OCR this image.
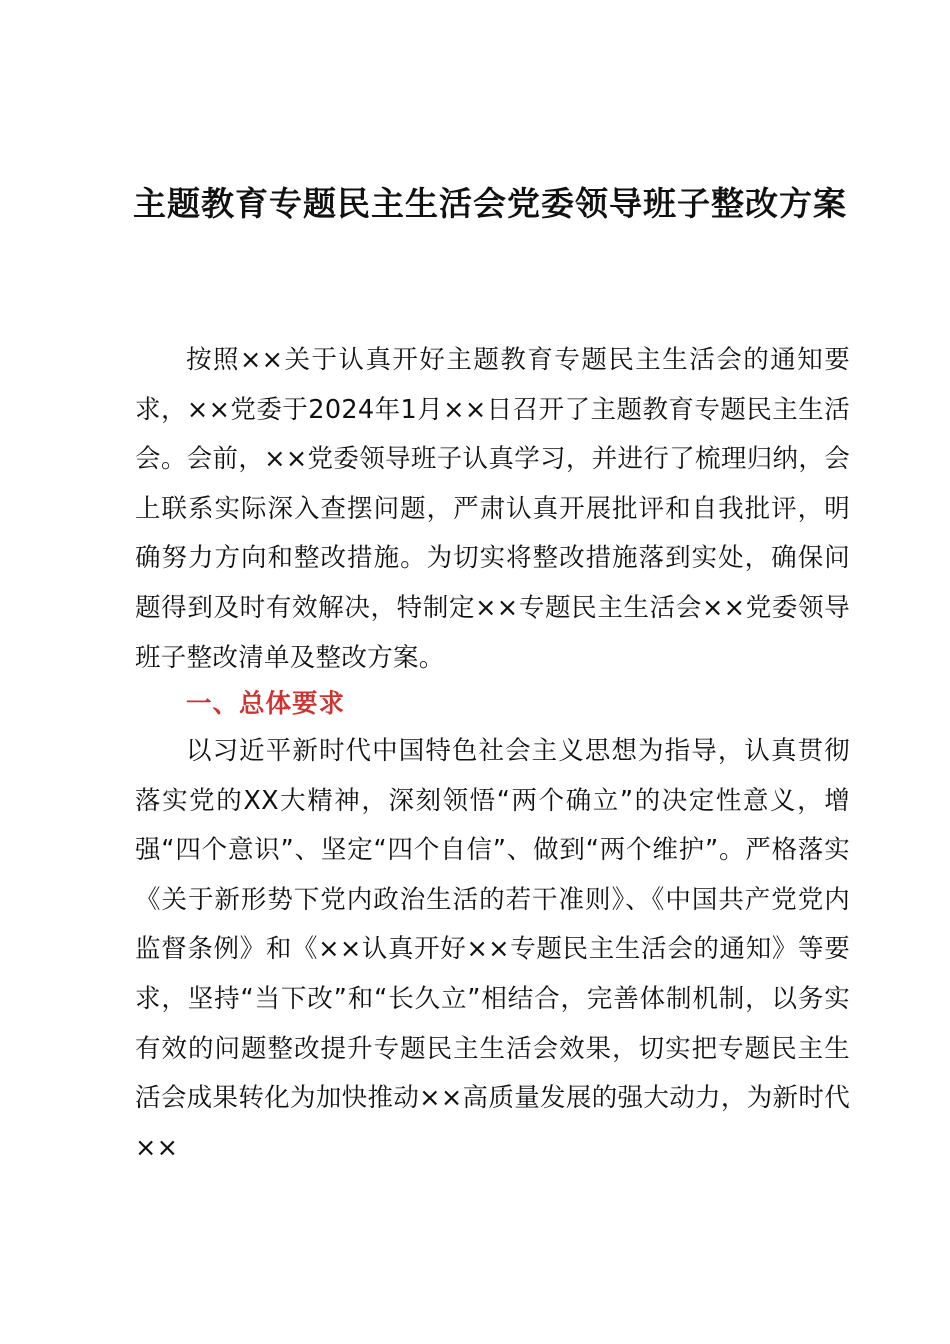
主题教育专题民主生活会党委领导班子整改方案

按照××关于认真开好主题教育专题民主生活会的通知要求，××党委于2024年1月××日召开了主题教育专题民主生活会。会前，××党委领导班子认真学习，并进行了梳理归纳，会上联系实际深入查摆问题，严肃认真开展批评和自我批评，明确努力方向和整改措施。为切实将整改措施落到实处，确保问题得到及时有效解决，特制定××专题民主生活会××党委领导班子整改清单及整改方案。

一、总体要求

以习近平新时代中国特色社会主义思想为指导，认真贯彻落实党的XX大精神，深刻领悟“两个确立”的决定性意义，增强“四个意识”、坚定“四个自信”、做到“两个维护”。严格落实《关于新形势下党内政治生活的若干准则》、《中国共产党党内监督条例》和《××认真开好××专题民主生活会的通知》等要求，坚持“当下改”和“长久立”相结合，完善体制机制，以务实有效的问题整改提升专题民主生活会效果，切实把专题民主生活会成果转化为加快推动××高质量发展的强大动力，为新时代××
